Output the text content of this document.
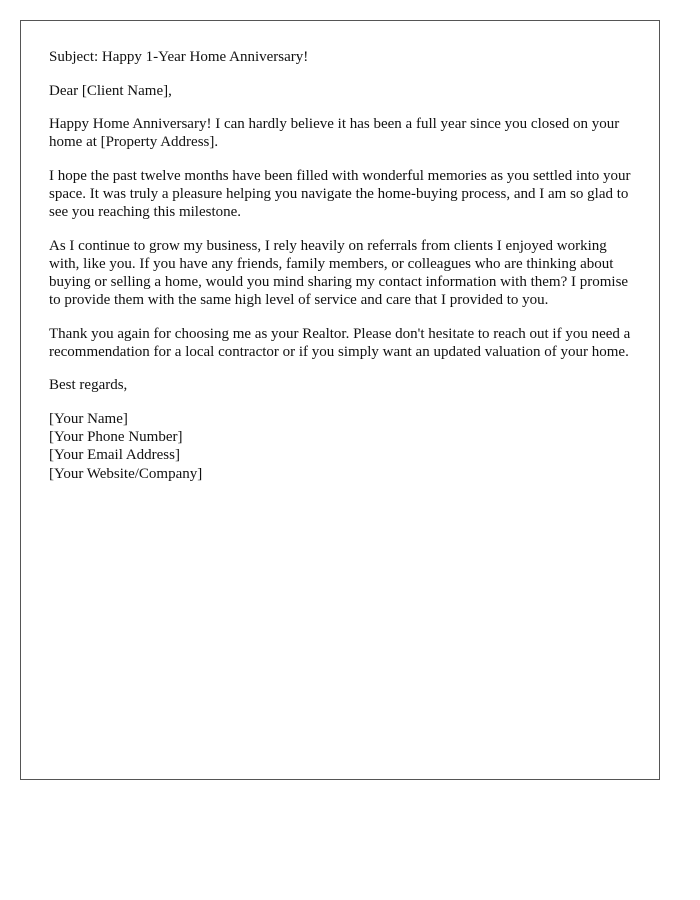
Subject: Happy 1-Year Home Anniversary!

Dear [Client Name],

Happy Home Anniversary! I can hardly believe it has been a full year since you closed on your home at [Property Address].

I hope the past twelve months have been filled with wonderful memories as you settled into your space. It was truly a pleasure helping you navigate the home-buying process, and I am so glad to see you reaching this milestone.

As I continue to grow my business, I rely heavily on referrals from clients I enjoyed working with, like you. If you have any friends, family members, or colleagues who are thinking about buying or selling a home, would you mind sharing my contact information with them? I promise to provide them with the same high level of service and care that I provided to you.

Thank you again for choosing me as your Realtor. Please don't hesitate to reach out if you need a recommendation for a local contractor or if you simply want an updated valuation of your home.

Best regards,

[Your Name]
[Your Phone Number]
[Your Email Address]
[Your Website/Company]
